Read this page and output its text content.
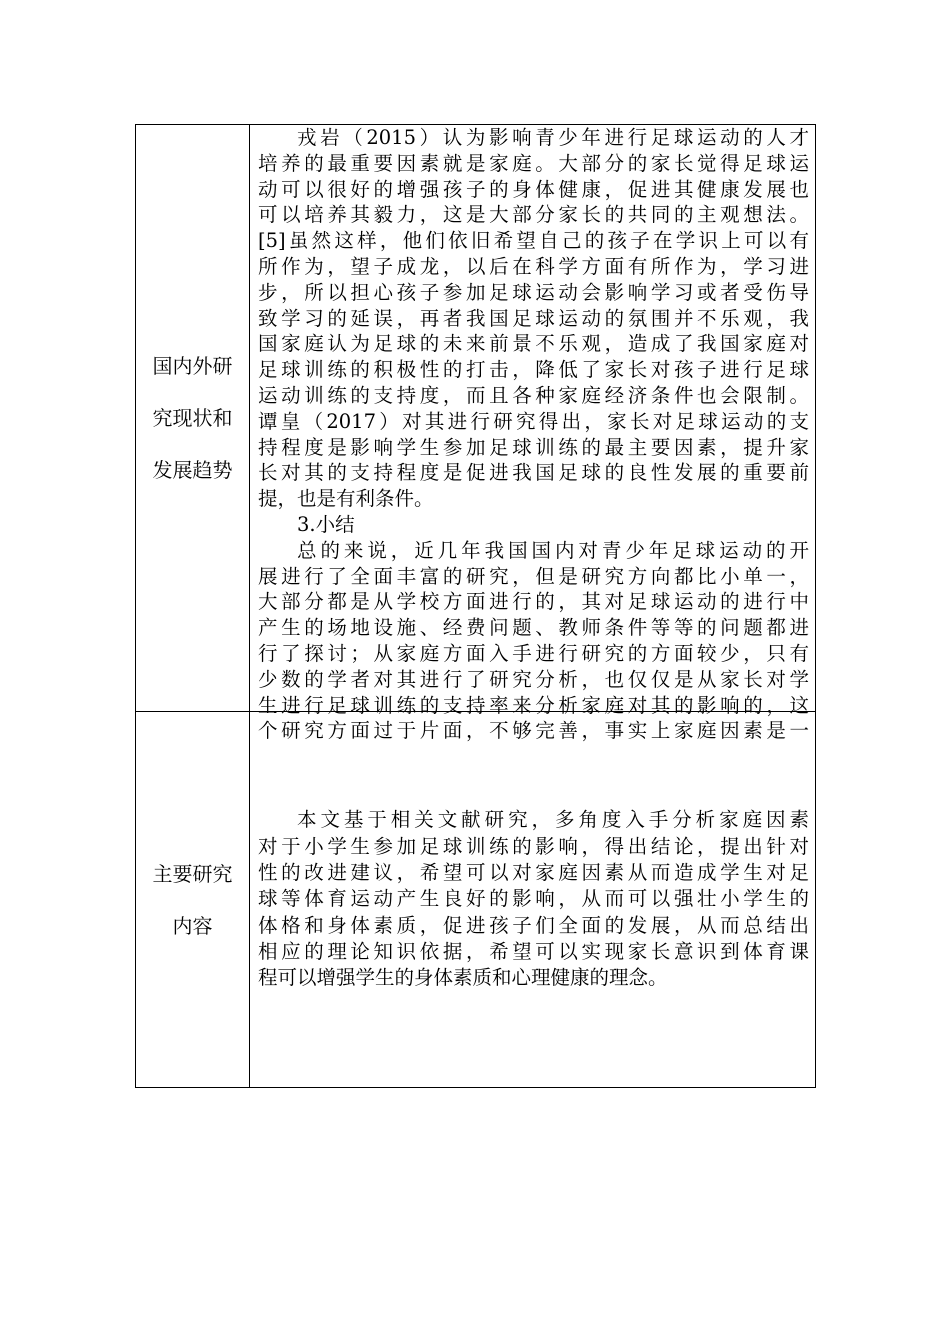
国内外研
究现状和
发展趋势
戎岩（2015）认为影响青少年进行足球运动的人才
培养的最重要因素就是家庭。大部分的家长觉得足球运
动可以很好的增强孩子的身体健康，促进其健康发展也
可以培养其毅力，这是大部分家长的共同的主观想法。
[5]虽然这样，他们依旧希望自己的孩子在学识上可以有
所作为，望子成龙，以后在科学方面有所作为，学习进
步，所以担心孩子参加足球运动会影响学习或者受伤导
致学习的延误，再者我国足球运动的氛围并不乐观，我
国家庭认为足球的未来前景不乐观，造成了我国家庭对
足球训练的积极性的打击，降低了家长对孩子进行足球
运动训练的支持度，而且各种家庭经济条件也会限制。
谭皇（2017）对其进行研究得出，家长对足球运动的支
持程度是影响学生参加足球训练的最主要因素，提升家
长对其的支持程度是促进我国足球的良性发展的重要前
提，也是有利条件。
3.小结
总的来说，近几年我国国内对青少年足球运动的开
展进行了全面丰富的研究，但是研究方向都比小单一，
大部分都是从学校方面进行的，其对足球运动的进行中
产生的场地设施、经费问题、教师条件等等的问题都进
行了探讨；从家庭方面入手进行研究的方面较少，只有
少数的学者对其进行了研究分析，也仅仅是从家长对学
生进行足球训练的支持率来分析家庭对其的影响的，这
个研究方面过于片面，不够完善，事实上家庭因素是一
主要研究
内容
本文基于相关文献研究，多角度入手分析家庭因素
对于小学生参加足球训练的影响，得出结论，提出针对
性的改进建议，希望可以对家庭因素从而造成学生对足
球等体育运动产生良好的影响，从而可以强壮小学生的
体格和身体素质，促进孩子们全面的发展，从而总结出
相应的理论知识依据，希望可以实现家长意识到体育课
程可以增强学生的身体素质和心理健康的理念。
